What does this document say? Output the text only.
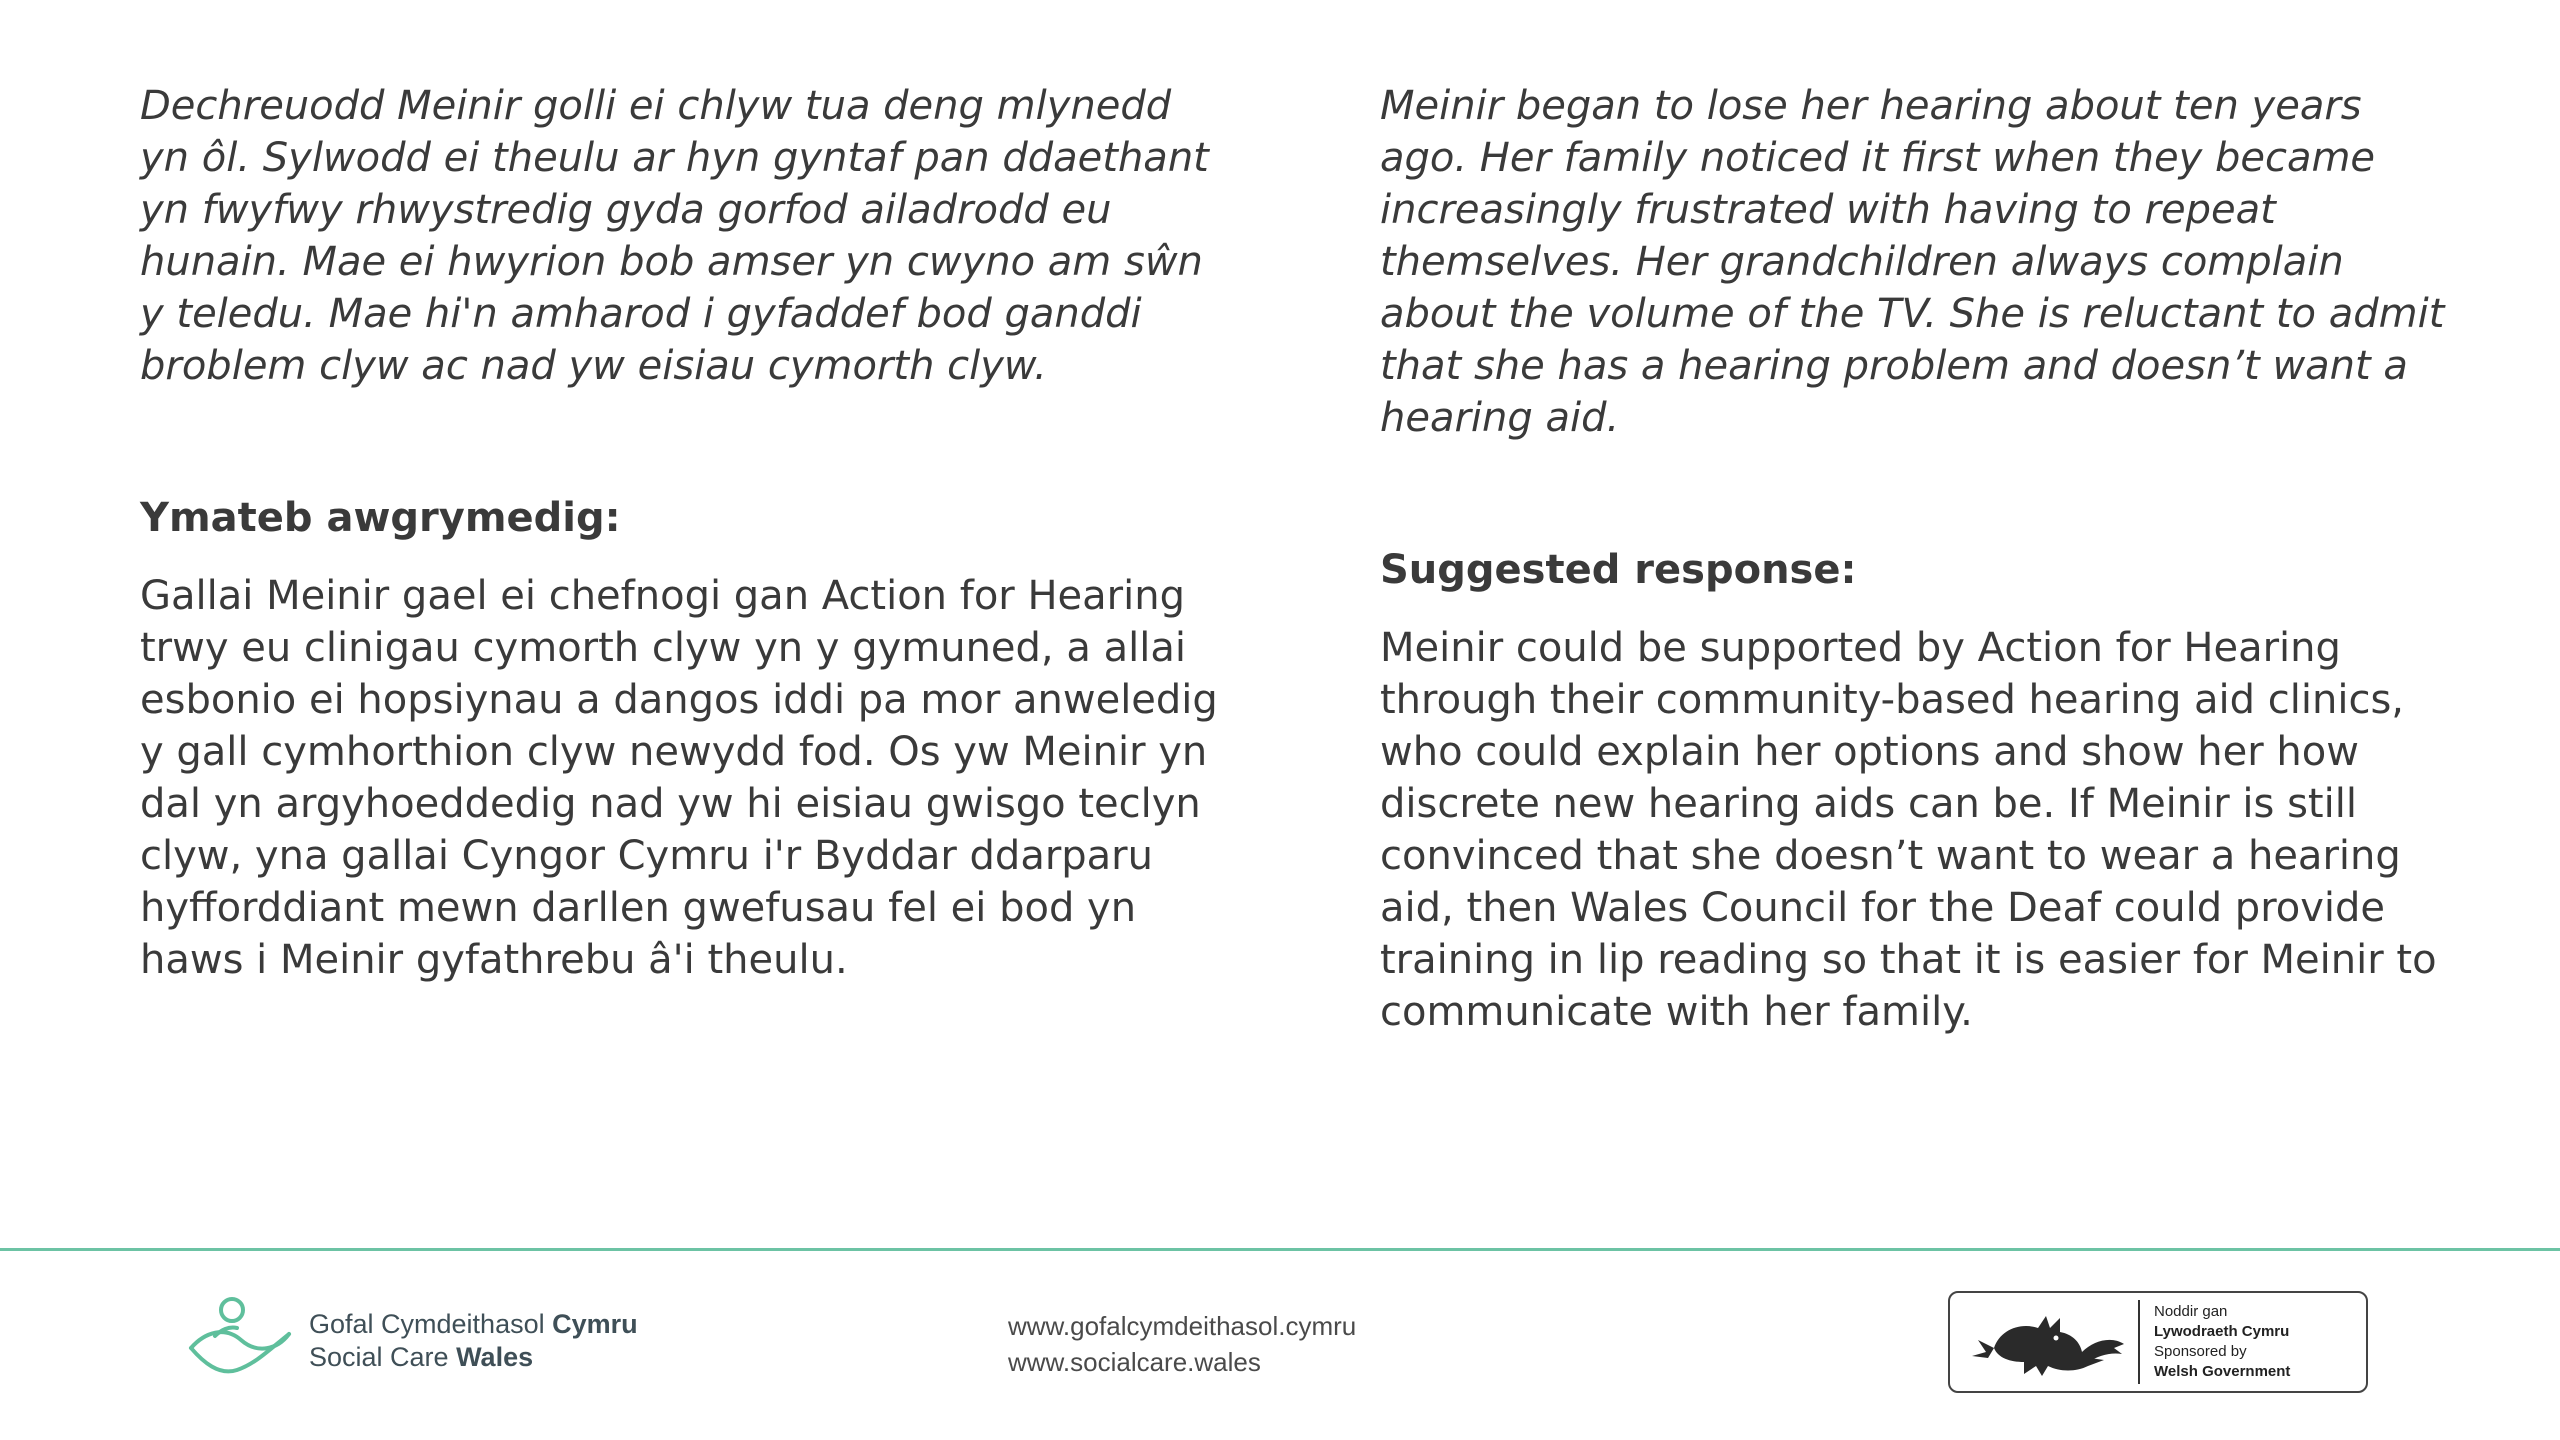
Dechreuodd Meinir golli ei chlyw tua deng mlynedd yn ôl. Sylwodd ei theulu ar hyn gyntaf pan ddaethant yn fwyfwy rhwystredig gyda gorfod ailadrodd eu hunain. Mae ei hwyrion bob amser yn cwyno am sŵn y teledu. Mae hi'n amharod i gyfaddef bod ganddi broblem clyw ac nad yw eisiau cymorth clyw.

Ymateb awgrymedig:

Gallai Meinir gael ei chefnogi gan Action for Hearing trwy eu clinigau cymorth clyw yn y gymuned, a allai esbonio ei hopsiynau a dangos iddi pa mor anweledig y gall cymhorthion clyw newydd fod. Os yw Meinir yn dal yn argyhoeddedig nad yw hi eisiau gwisgo teclyn clyw, yna gallai Cyngor Cymru i'r Byddar ddarparu hyfforddiant mewn darllen gwefusau fel ei bod yn haws i Meinir gyfathrebu â'i theulu.

Meinir began to lose her hearing about ten years ago. Her family noticed it first when they became increasingly frustrated with having to repeat themselves. Her grandchildren always complain about the volume of the TV. She is reluctant to admit that she has a hearing problem and doesn’t want a hearing aid.

Suggested response:

Meinir could be supported by Action for Hearing through their community-based hearing aid clinics, who could explain her options and show her how discrete new hearing aids can be. If Meinir is still convinced that she doesn’t want to wear a hearing aid, then Wales Council for the Deaf could provide training in lip reading so that it is easier for Meinir to communicate with her family.

Gofal Cymdeithasol Cymru
Social Care Wales
www.gofalcymdeithasol.cymru
www.socialcare.wales
Noddir gan
Lywodraeth Cymru
Sponsored by
Welsh Government
